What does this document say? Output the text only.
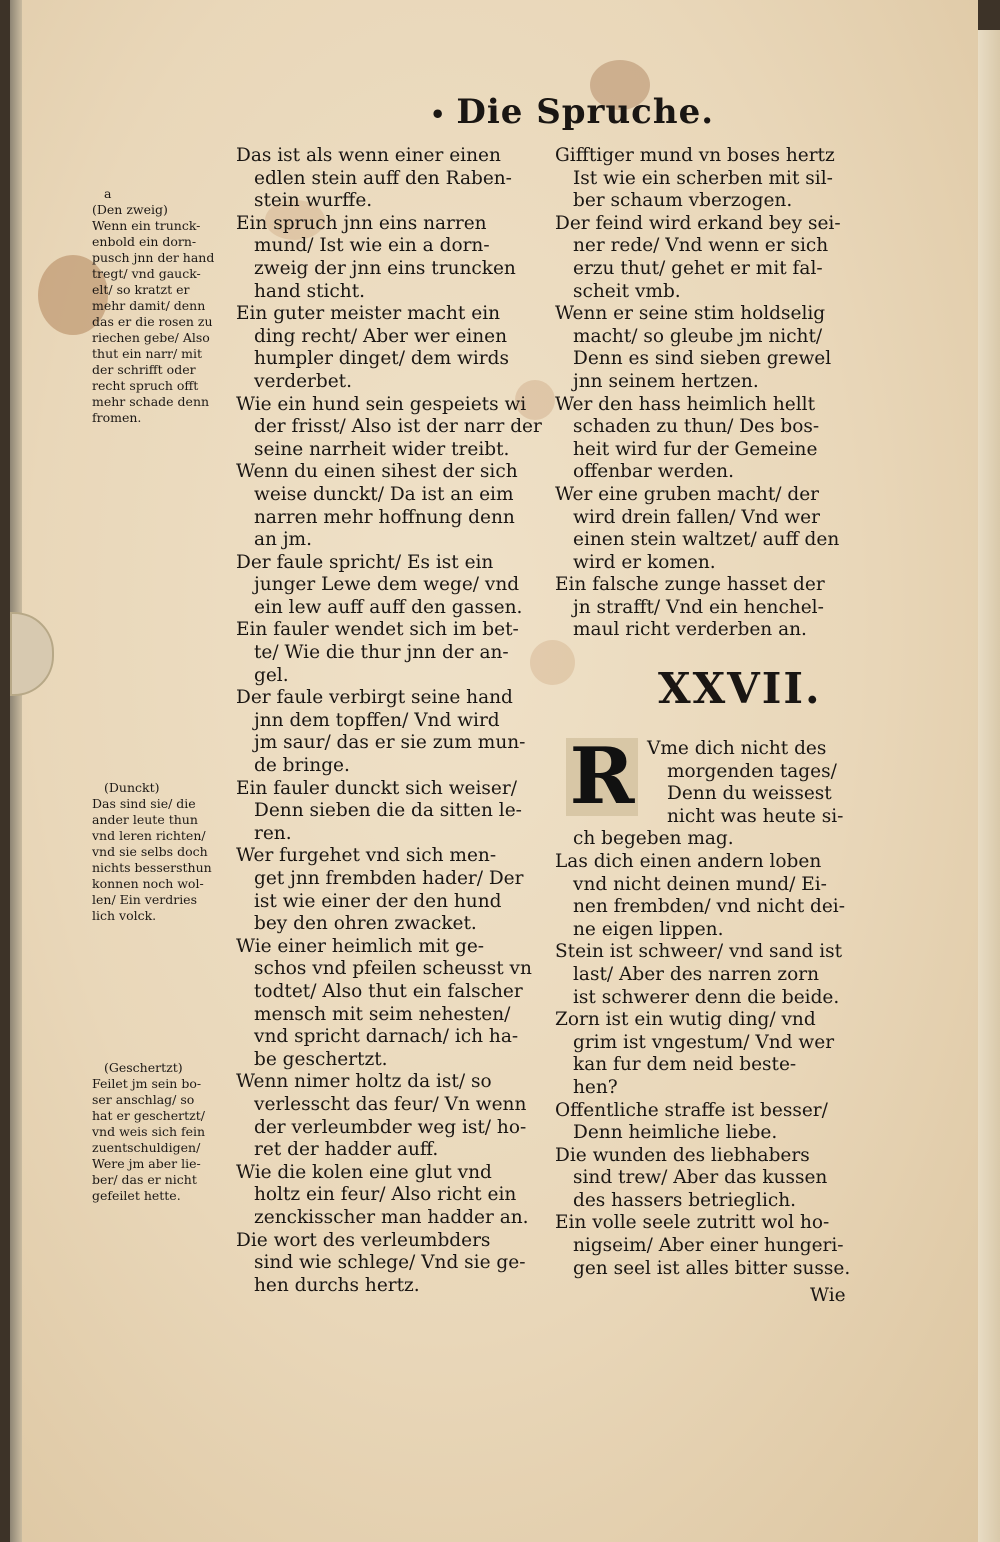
• Die Spruche.
a
(Den zweig)
Wenn ein trunck-
enbold ein dorn-
pusch jnn der hand
tregt/ vnd gauck-
elt/ so kratzt er
mehr damit/ denn
das er die rosen zu
riechen gebe/ Also
thut ein narr/ mit
der schrifft oder
recht spruch offt
mehr schade denn
fromen.
(Dunckt)
Das sind sie/ die
ander leute thun
vnd leren richten/
vnd sie selbs doch
nichts bessersthun
konnen noch wol-
len/ Ein verdries
lich volck.
(Geschertzt)
Feilet jm sein bo-
ser anschlag/ so
hat er geschertzt/
vnd weis sich fein
zuentschuldigen/
Were jm aber lie-
ber/ das er nicht
gefeilet hette.
Das ist als wenn einer einen
edlen stein auff den Raben-
stein wurffe.
Ein spruch jnn eins narren
mund/ Ist wie ein a dorn-
zweig der jnn eins truncken
hand sticht.
Ein guter meister macht ein
ding recht/ Aber wer einen
humpler dinget/ dem wirds
verderbet.
Wie ein hund sein gespeiets wi
der frisst/ Also ist der narr der
seine narrheit wider treibt.
Wenn du einen sihest der sich
weise dunckt/ Da ist an eim
narren mehr hoffnung denn
an jm.
Der faule spricht/ Es ist ein
junger Lewe dem wege/ vnd
ein lew auff auff den gassen.
Ein fauler wendet sich im bet-
te/ Wie die thur jnn der an-
gel.
Der faule verbirgt seine hand
jnn dem topffen/ Vnd wird
jm saur/ das er sie zum mun-
de bringe.
Ein fauler dunckt sich weiser/
Denn sieben die da sitten le-
ren.
Wer furgehet vnd sich men-
get jnn frembden hader/ Der
ist wie einer der den hund
bey den ohren zwacket.
Wie einer heimlich mit ge-
schos vnd pfeilen scheusst vn
todtet/ Also thut ein falscher
mensch mit seim nehesten/
vnd spricht darnach/ ich ha-
be geschertzt.
Wenn nimer holtz da ist/ so
verlesscht das feur/ Vn wenn
der verleumbder weg ist/ ho-
ret der hadder auff.
Wie die kolen eine glut vnd
holtz ein feur/ Also richt ein
zenckisscher man hadder an.
Die wort des verleumbders
sind wie schlege/ Vnd sie ge-
hen durchs hertz.
Gifftiger mund vn boses hertz
Ist wie ein scherben mit sil-
ber schaum vberzogen.
Der feind wird erkand bey sei-
ner rede/ Vnd wenn er sich
erzu thut/ gehet er mit fal-
scheit vmb.
Wenn er seine stim holdselig
macht/ so gleube jm nicht/
Denn es sind sieben grewel
jnn seinem hertzen.
Wer den hass heimlich hellt
schaden zu thun/ Des bos-
heit wird fur der Gemeine
offenbar werden.
Wer eine gruben macht/ der
wird drein fallen/ Vnd wer
einen stein waltzet/ auff den
wird er komen.
Ein falsche zunge hasset der
jn strafft/ Vnd ein henchel-
maul richt verderben an.
XXVII.
R Vme dich nicht des
morgenden tages/
Denn du weissest
nicht was heute si-
ch begeben mag.
Las dich einen andern loben
vnd nicht deinen mund/ Ei-
nen frembden/ vnd nicht dei-
ne eigen lippen.
Stein ist schweer/ vnd sand ist
last/ Aber des narren zorn
ist schwerer denn die beide.
Zorn ist ein wutig ding/ vnd
grim ist vngestum/ Vnd wer
kan fur dem neid beste-
hen?
Offentliche straffe ist besser/
Denn heimliche liebe.
Die wunden des liebhabers
sind trew/ Aber das kussen
des hassers betrieglich.
Ein volle seele zutritt wol ho-
nigseim/ Aber einer hungeri-
gen seel ist alles bitter susse.
Wie
